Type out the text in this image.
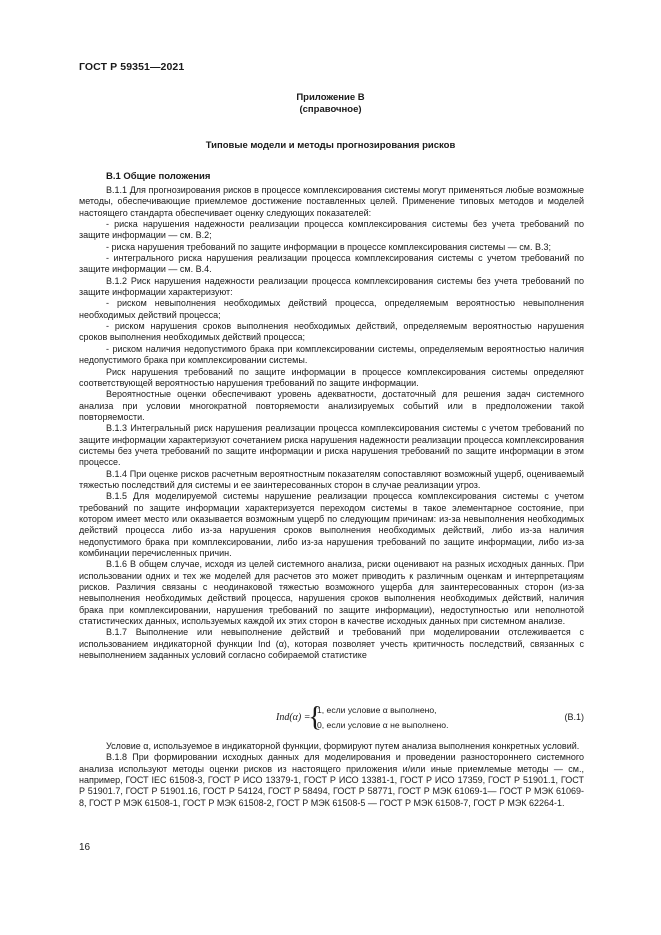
ГОСТ Р 59351—2021
Приложение В
(справочное)
Типовые модели и методы прогнозирования рисков
В.1 Общие положения

В.1.1 Для прогнозирования рисков в процессе комплексирования системы могут применяться любые возможные методы, обеспечивающие приемлемое достижение поставленных целей. Применение типовых методов и моделей настоящего стандарта обеспечивает оценку следующих показателей:

- риска нарушения надежности реализации процесса комплексирования системы без учета требований по защите информации — см. В.2;

- риска нарушения требований по защите информации в процессе комплексирования системы — см. В.3;

- интегрального риска нарушения реализации процесса комплексирования системы с учетом требований по защите информации — см. В.4.

В.1.2 Риск нарушения надежности реализации процесса комплексирования системы без учета требований по защите информации характеризуют:

- риском невыполнения необходимых действий процесса, определяемым вероятностью невыполнения необходимых действий процесса;

- риском нарушения сроков выполнения необходимых действий, определяемым вероятностью нарушения сроков выполнения необходимых действий процесса;

- риском наличия недопустимого брака при комплексировании системы, определяемым вероятностью наличия недопустимого брака при комплексировании системы.

Риск нарушения требований по защите информации в процессе комплексирования системы определяют соответствующей вероятностью нарушения требований по защите информации.

Вероятностные оценки обеспечивают уровень адекватности, достаточный для решения задач системного анализа при условии многократной повторяемости анализируемых событий или в предположении такой повторяемости.

В.1.3 Интегральный риск нарушения реализации процесса комплексирования системы с учетом требований по защите информации характеризуют сочетанием риска нарушения надежности реализации процесса комплексирования системы без учета требований по защите информации и риска нарушения требований по защите информации в этом процессе.

В.1.4 При оценке рисков расчетным вероятностным показателям сопоставляют возможный ущерб, оцениваемый тяжестью последствий для системы и ее заинтересованных сторон в случае реализации угроз.

В.1.5 Для моделируемой системы нарушение реализации процесса комплексирования системы с учетом требований по защите информации характеризуется переходом системы в такое элементарное состояние, при котором имеет место или оказывается возможным ущерб по следующим причинам: из-за невыполнения необходимых действий процесса либо из-за нарушения сроков выполнения необходимых действий, либо из-за наличия недопустимого брака при комплексировании, либо из-за нарушения требований по защите информации, либо из-за комбинации перечисленных причин.

В.1.6 В общем случае, исходя из целей системного анализа, риски оценивают на разных исходных данных. При использовании одних и тех же моделей для расчетов это может приводить к различным оценкам и интерпретациям рисков. Различия связаны с неодинаковой тяжестью возможного ущерба для заинтересованных сторон (из-за невыполнения необходимых действий процесса, нарушения сроков выполнения необходимых действий, наличия брака при комплексировании, нарушения требований по защите информации), недоступностью или неполнотой статистических данных, используемых каждой их этих сторон в качестве исходных данных при системном анализе.

В.1.7 Выполнение или невыполнение действий и требований при моделировании отслеживается с использованием индикаторной функции Ind (α), которая позволяет учесть критичность последствий, связанных с невыполнением заданных условий согласно собираемой статистике

Ind(α) =
{
1, если условие α выполнено,
0, если условие α не выполнено.
(В.1)

Условие α, используемое в индикаторной функции, формируют путем анализа выполнения конкретных условий.

В.1.8 При формировании исходных данных для моделирования и проведении разностороннего системного анализа используют методы оценки рисков из настоящего приложения и/или иные приемлемые методы — см., например, ГОСТ IEC 61508-3, ГОСТ Р ИСО 13379-1, ГОСТ Р ИСО 13381-1, ГОСТ Р ИСО 17359, ГОСТ Р 51901.1, ГОСТ Р 51901.7, ГОСТ Р 51901.16, ГОСТ Р 54124, ГОСТ Р 58494, ГОСТ Р 58771, ГОСТ Р МЭК 61069-1— ГОСТ Р МЭК 61069-8, ГОСТ Р МЭК 61508-1, ГОСТ Р МЭК 61508-2, ГОСТ Р МЭК 61508-5 — ГОСТ Р МЭК 61508-7, ГОСТ Р МЭК 62264-1.

16
